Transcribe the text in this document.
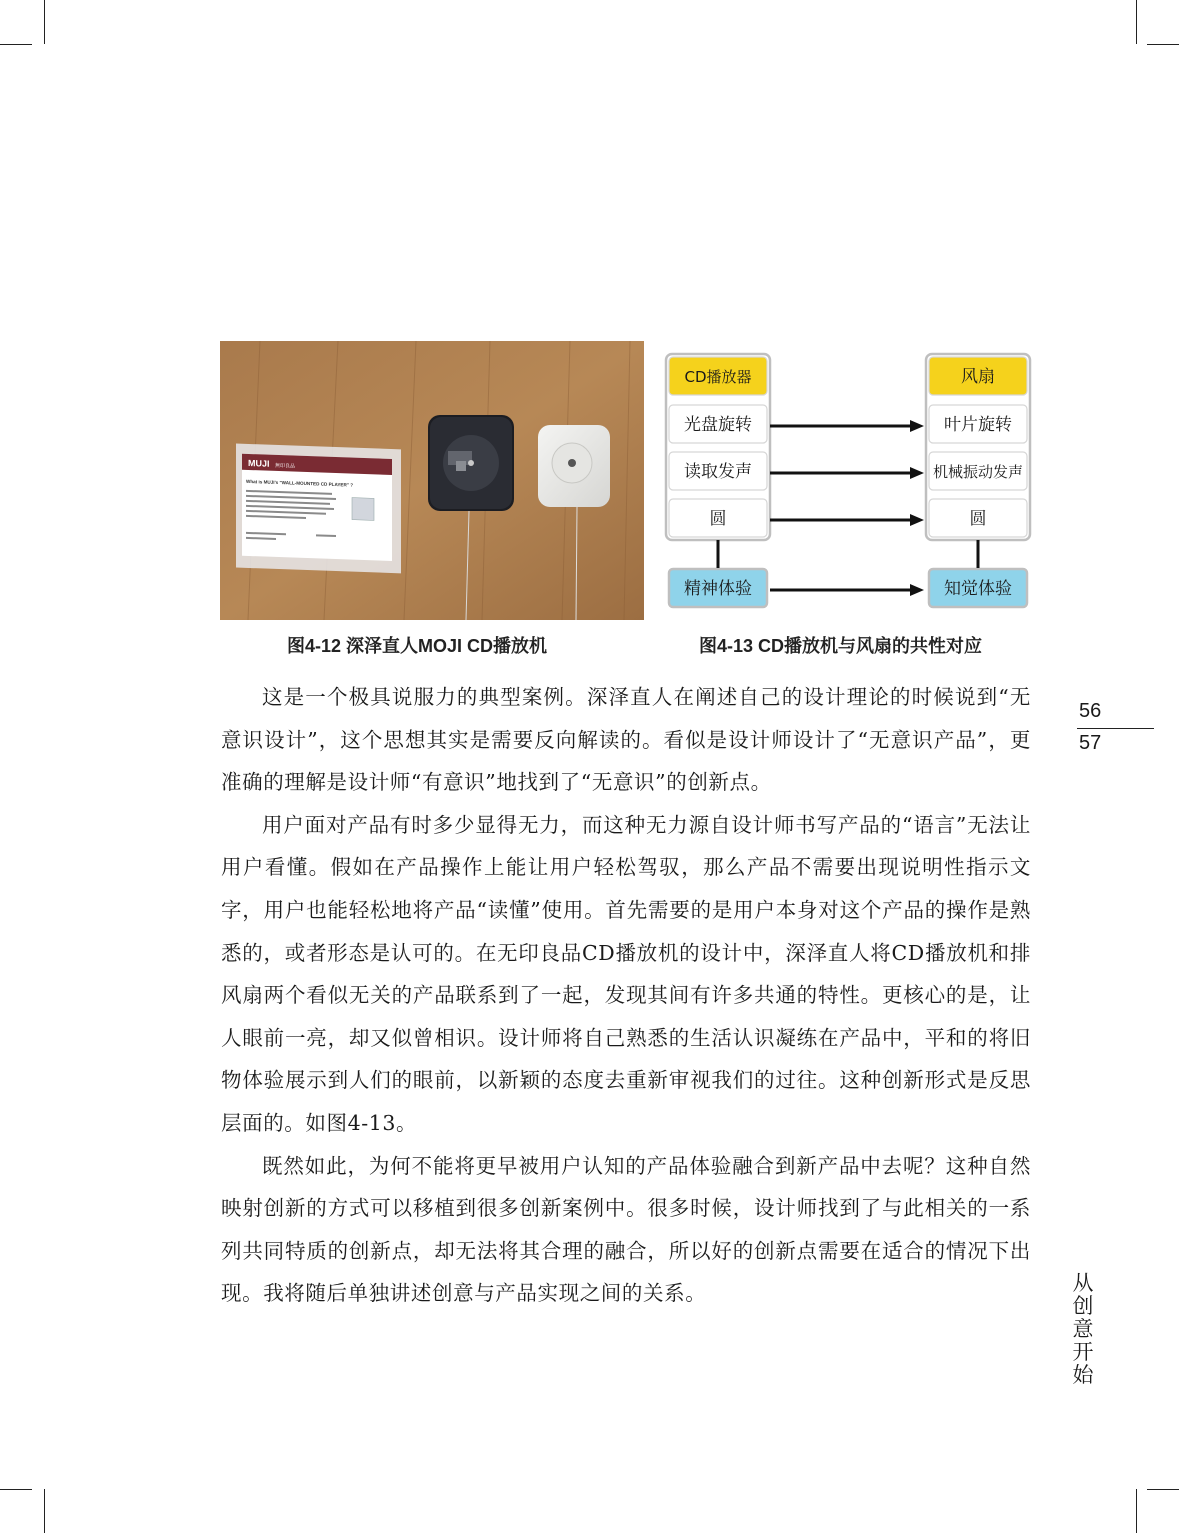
MUJI 無印良品
What is MUJI's "WALL-MOUNTED CD PLAYER" ?
CD播放器
光盘旋转
读取发声
圆
精神体验
风扇
叶片旋转
机械振动发声
圆
知觉体验
图4-12 深泽直人MOJI CD播放机	图4-13 CD播放机与风扇的共性对应

这是一个极具说服力的典型案例。深泽直人在阐述自己的设计理论的时候说到“无意识设计”，这个思想其实是需要反向解读的。看似是设计师设计了“无意识产品”，更准确的理解是设计师“有意识”地找到了“无意识”的创新点。

用户面对产品有时多少显得无力，而这种无力源自设计师书写产品的“语言”无法让用户看懂。假如在产品操作上能让用户轻松驾驭，那么产品不需要出现说明性指示文字，用户也能轻松地将产品“读懂”使用。首先需要的是用户本身对这个产品的操作是熟悉的，或者形态是认可的。在无印良品CD播放机的设计中，深泽直人将CD播放机和排风扇两个看似无关的产品联系到了一起，发现其间有许多共通的特性。更核心的是，让人眼前一亮，却又似曾相识。设计师将自己熟悉的生活认识凝练在产品中，平和的将旧物体验展示到人们的眼前，以新颖的态度去重新审视我们的过往。这种创新形式是反思层面的。如图4-13。

既然如此，为何不能将更早被用户认知的产品体验融合到新产品中去呢？这种自然映射创新的方式可以移植到很多创新案例中。很多时候，设计师找到了与此相关的一系列共同特质的创新点，却无法将其合理的融合，所以好的创新点需要在适合的情况下出现。我将随后单独讲述创意与产品实现之间的关系。

56
57
从创意开始
